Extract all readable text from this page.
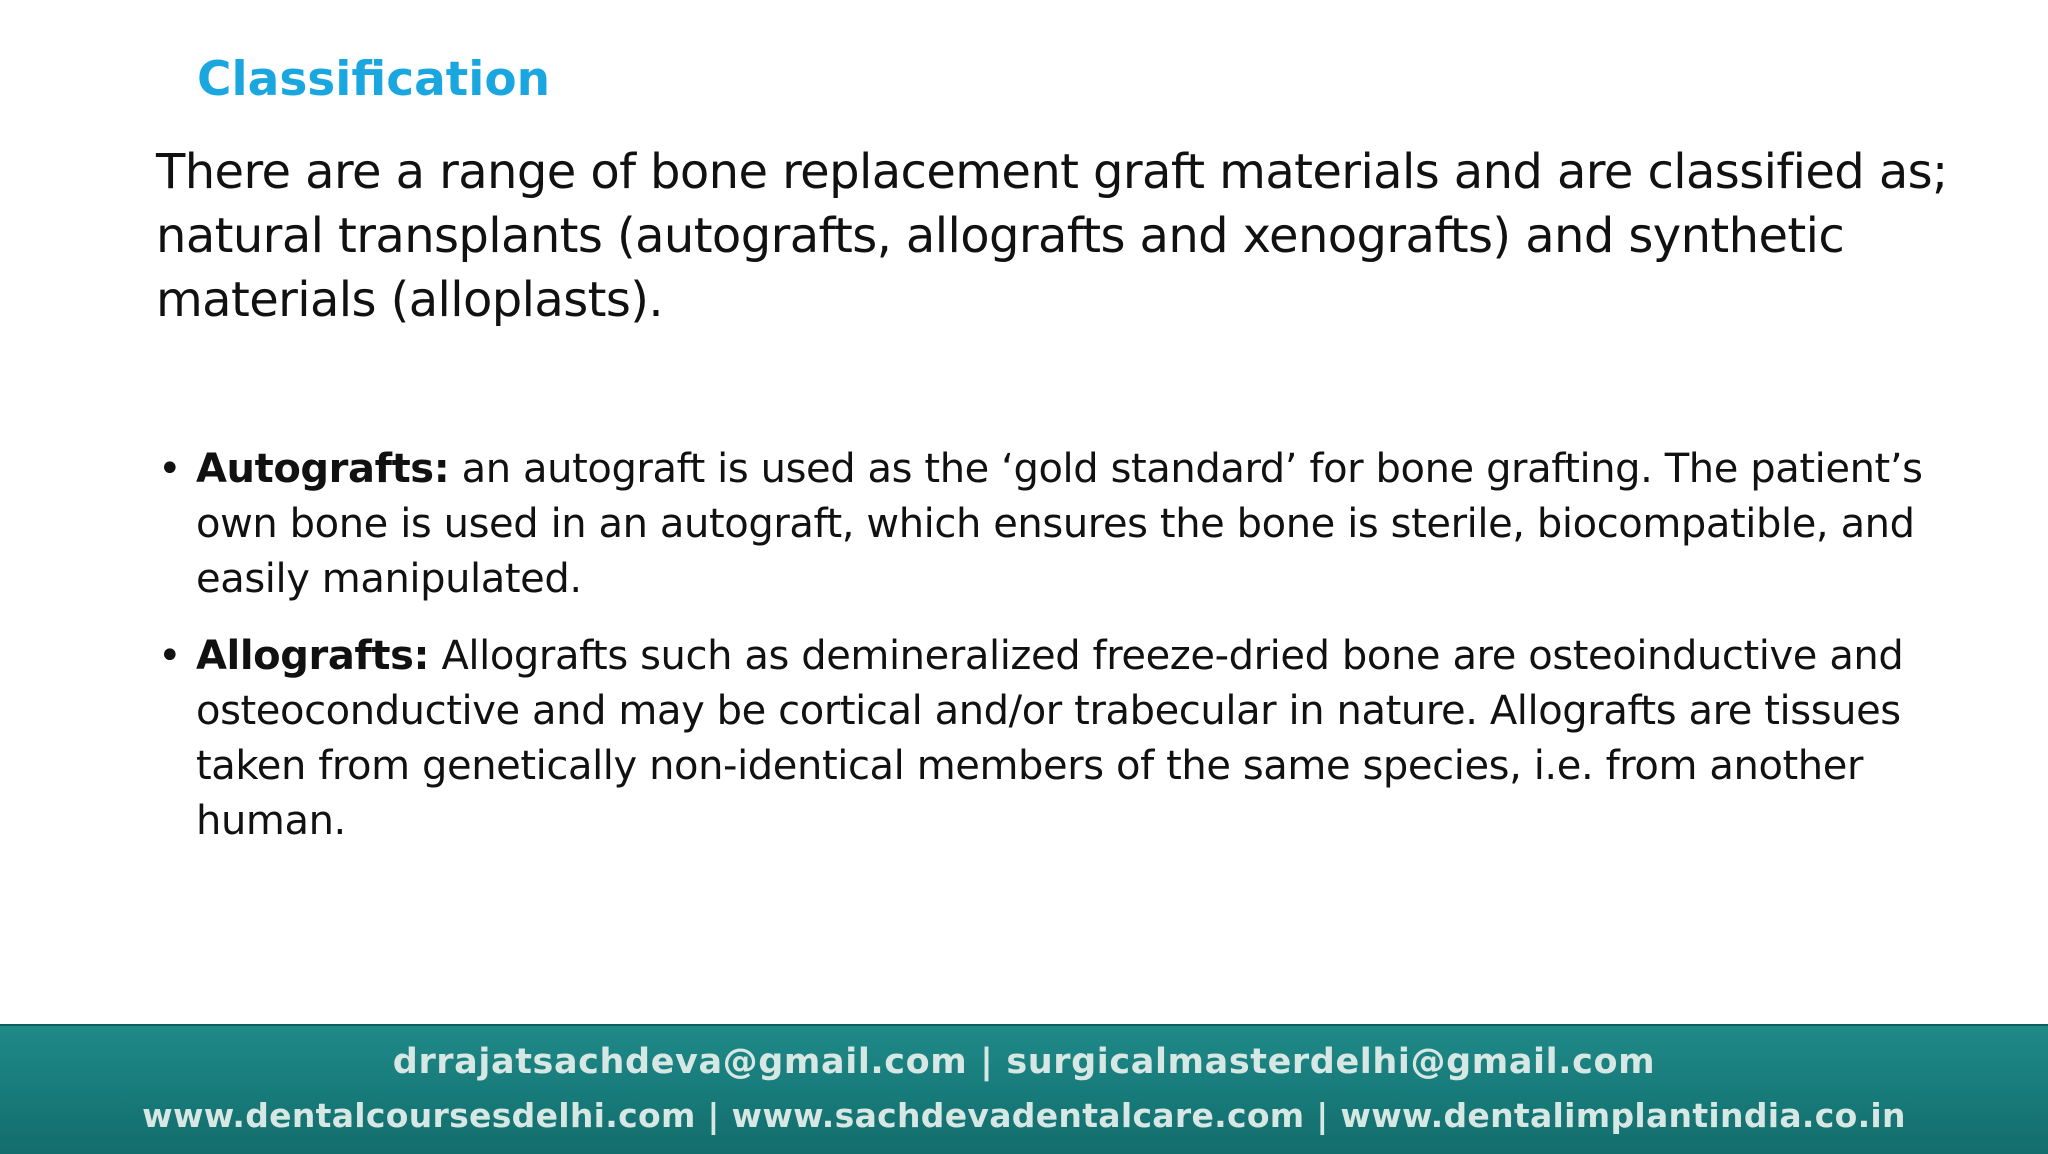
Classification
There are a range of bone replacement graft materials and are classified as; natural transplants (autografts, allografts and xenografts) and synthetic materials (alloplasts).
• Autografts: an autograft is used as the ‘gold standard’ for bone grafting. The patient’s own bone is used in an autograft, which ensures the bone is sterile, biocompatible, and easily manipulated.
• Allografts: Allografts such as demineralized freeze-dried bone are osteoinductive and osteoconductive and may be cortical and/or trabecular in nature. Allografts are tissues taken from genetically non-identical members of the same species, i.e. from another human.
drrajatsachdeva@gmail.com | surgicalmasterdelhi@gmail.com
www.dentalcoursesdelhi.com | www.sachdevadentalcare.com | www.dentalimplantindia.co.in
